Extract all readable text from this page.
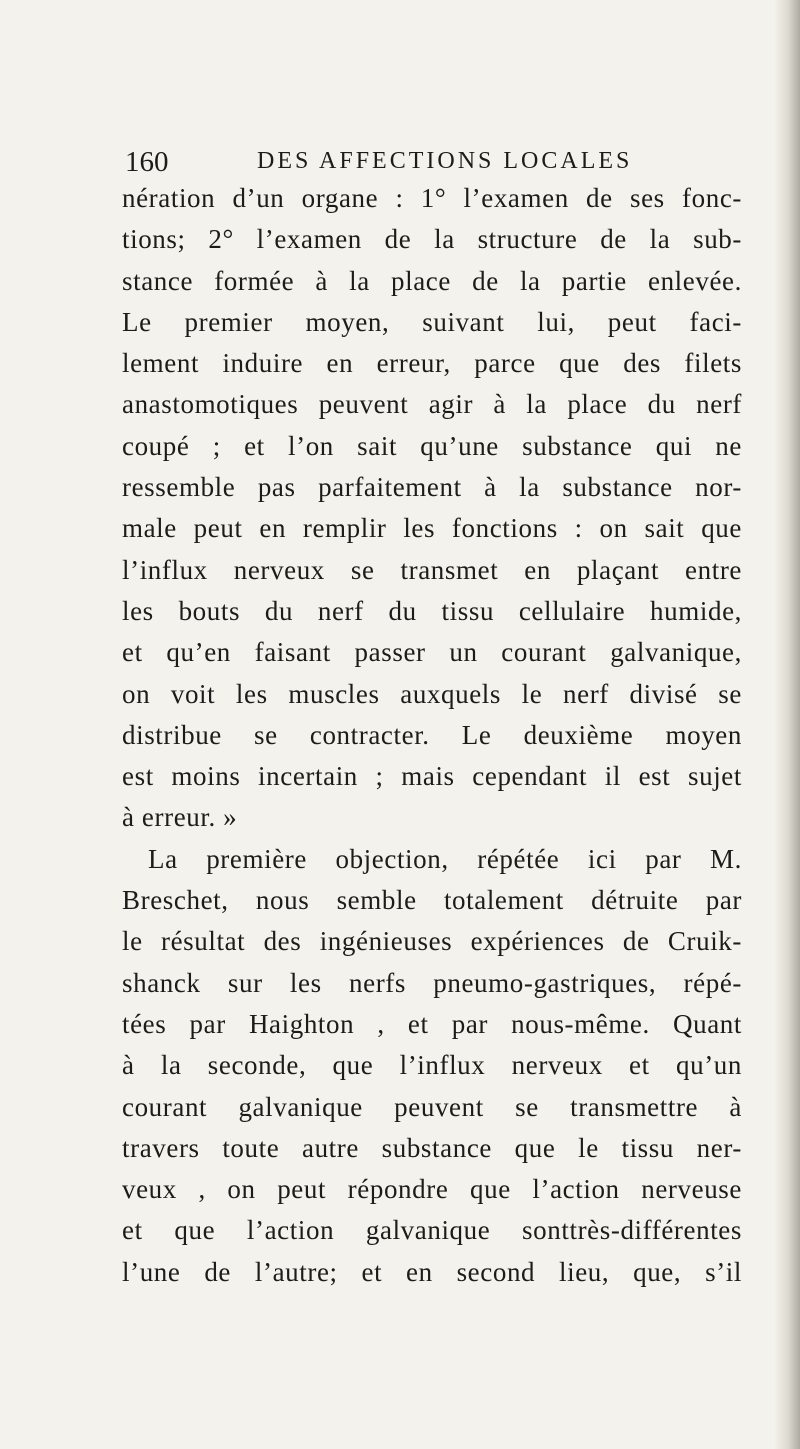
160	DES AFFECTIONS LOCALES
nération d’un organe : 1° l’examen de ses fonc-
tions; 2° l’examen de la structure de la sub-
stance formée à la place de la partie enlevée.
Le premier moyen, suivant lui, peut faci-
lement induire en erreur, parce que des filets
anastomotiques peuvent agir à la place du nerf
coupé ; et l’on sait qu’une substance qui ne
ressemble pas parfaitement à la substance nor-
male peut en remplir les fonctions : on sait que
l’influx nerveux se transmet en plaçant entre
les bouts du nerf du tissu cellulaire humide,
et qu’en faisant passer un courant galvanique,
on voit les muscles auxquels le nerf divisé se
distribue se contracter. Le deuxième moyen
est moins incertain ; mais cependant il est sujet
à erreur. »
La première objection, répétée ici par M.
Breschet, nous semble totalement détruite par
le résultat des ingénieuses expériences de Cruik-
shanck sur les nerfs pneumo-gastriques, répé-
tées par Haighton , et par nous-même. Quant
à la seconde, que l’influx nerveux et qu’un
courant galvanique peuvent se transmettre à
travers toute autre substance que le tissu ner-
veux , on peut répondre que l’action nerveuse
et que l’action galvanique sonttrès-différentes
l’une de l’autre; et en second lieu, que, s’il
